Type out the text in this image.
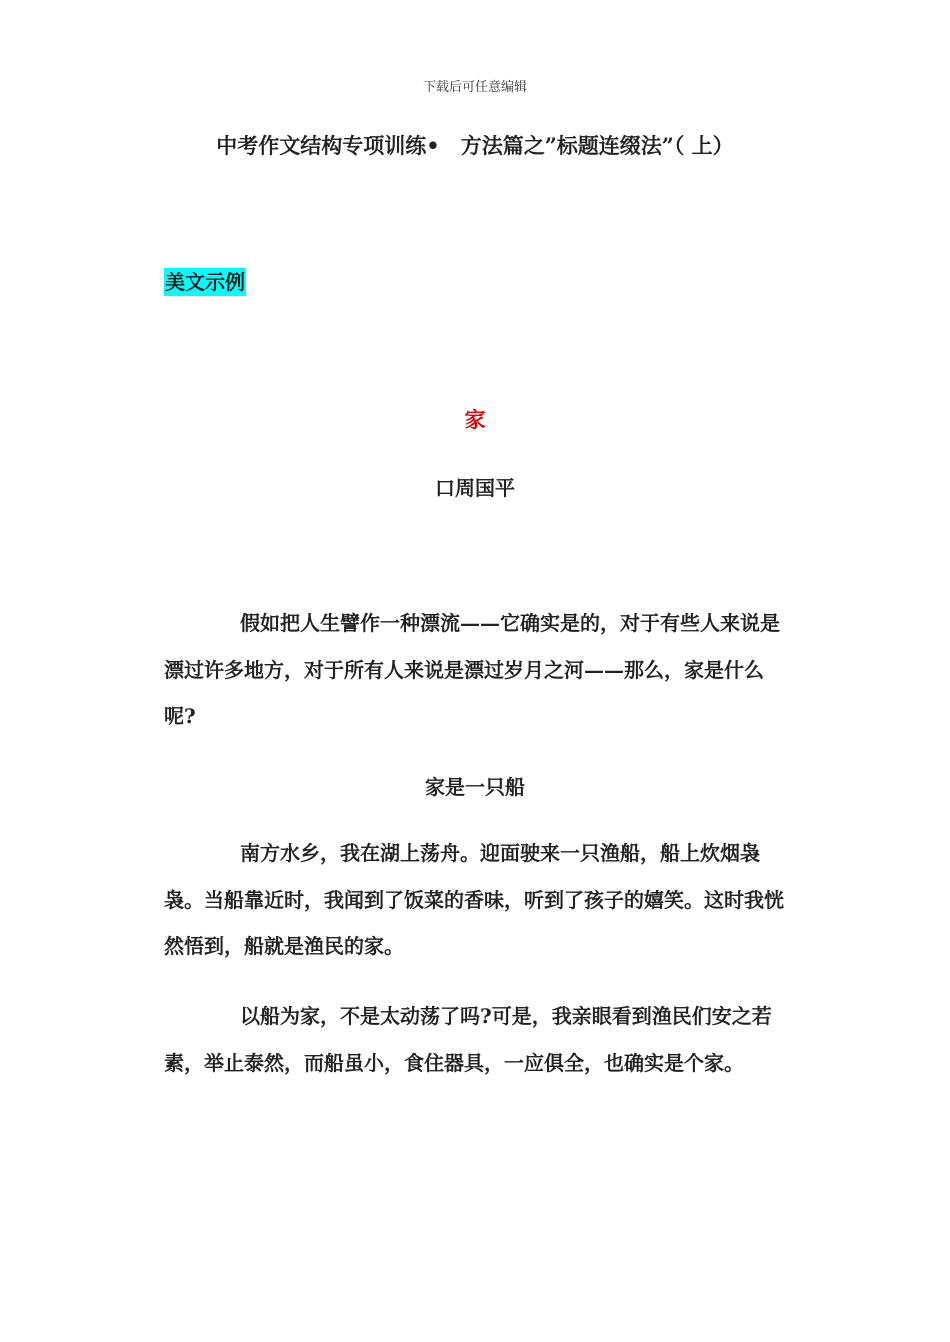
下载后可任意编辑
中考作文结构专项训练•　方法篇之”标题连缀法”（ 上）
美文示例
家
口周国平

假如把人生譬作一种漂流——它确实是的，对于有些人来说是漂过许多地方，对于所有人来说是漂过岁月之河——那么，家是什么呢?

家是一只船

南方水乡，我在湖上荡舟。迎面驶来一只渔船，船上炊烟袅袅。当船靠近时，我闻到了饭菜的香味，听到了孩子的嬉笑。这时我恍然悟到，船就是渔民的家。

以船为家，不是太动荡了吗?可是，我亲眼看到渔民们安之若素，举止泰然，而船虽小，食住器具，一应俱全，也确实是个家。
